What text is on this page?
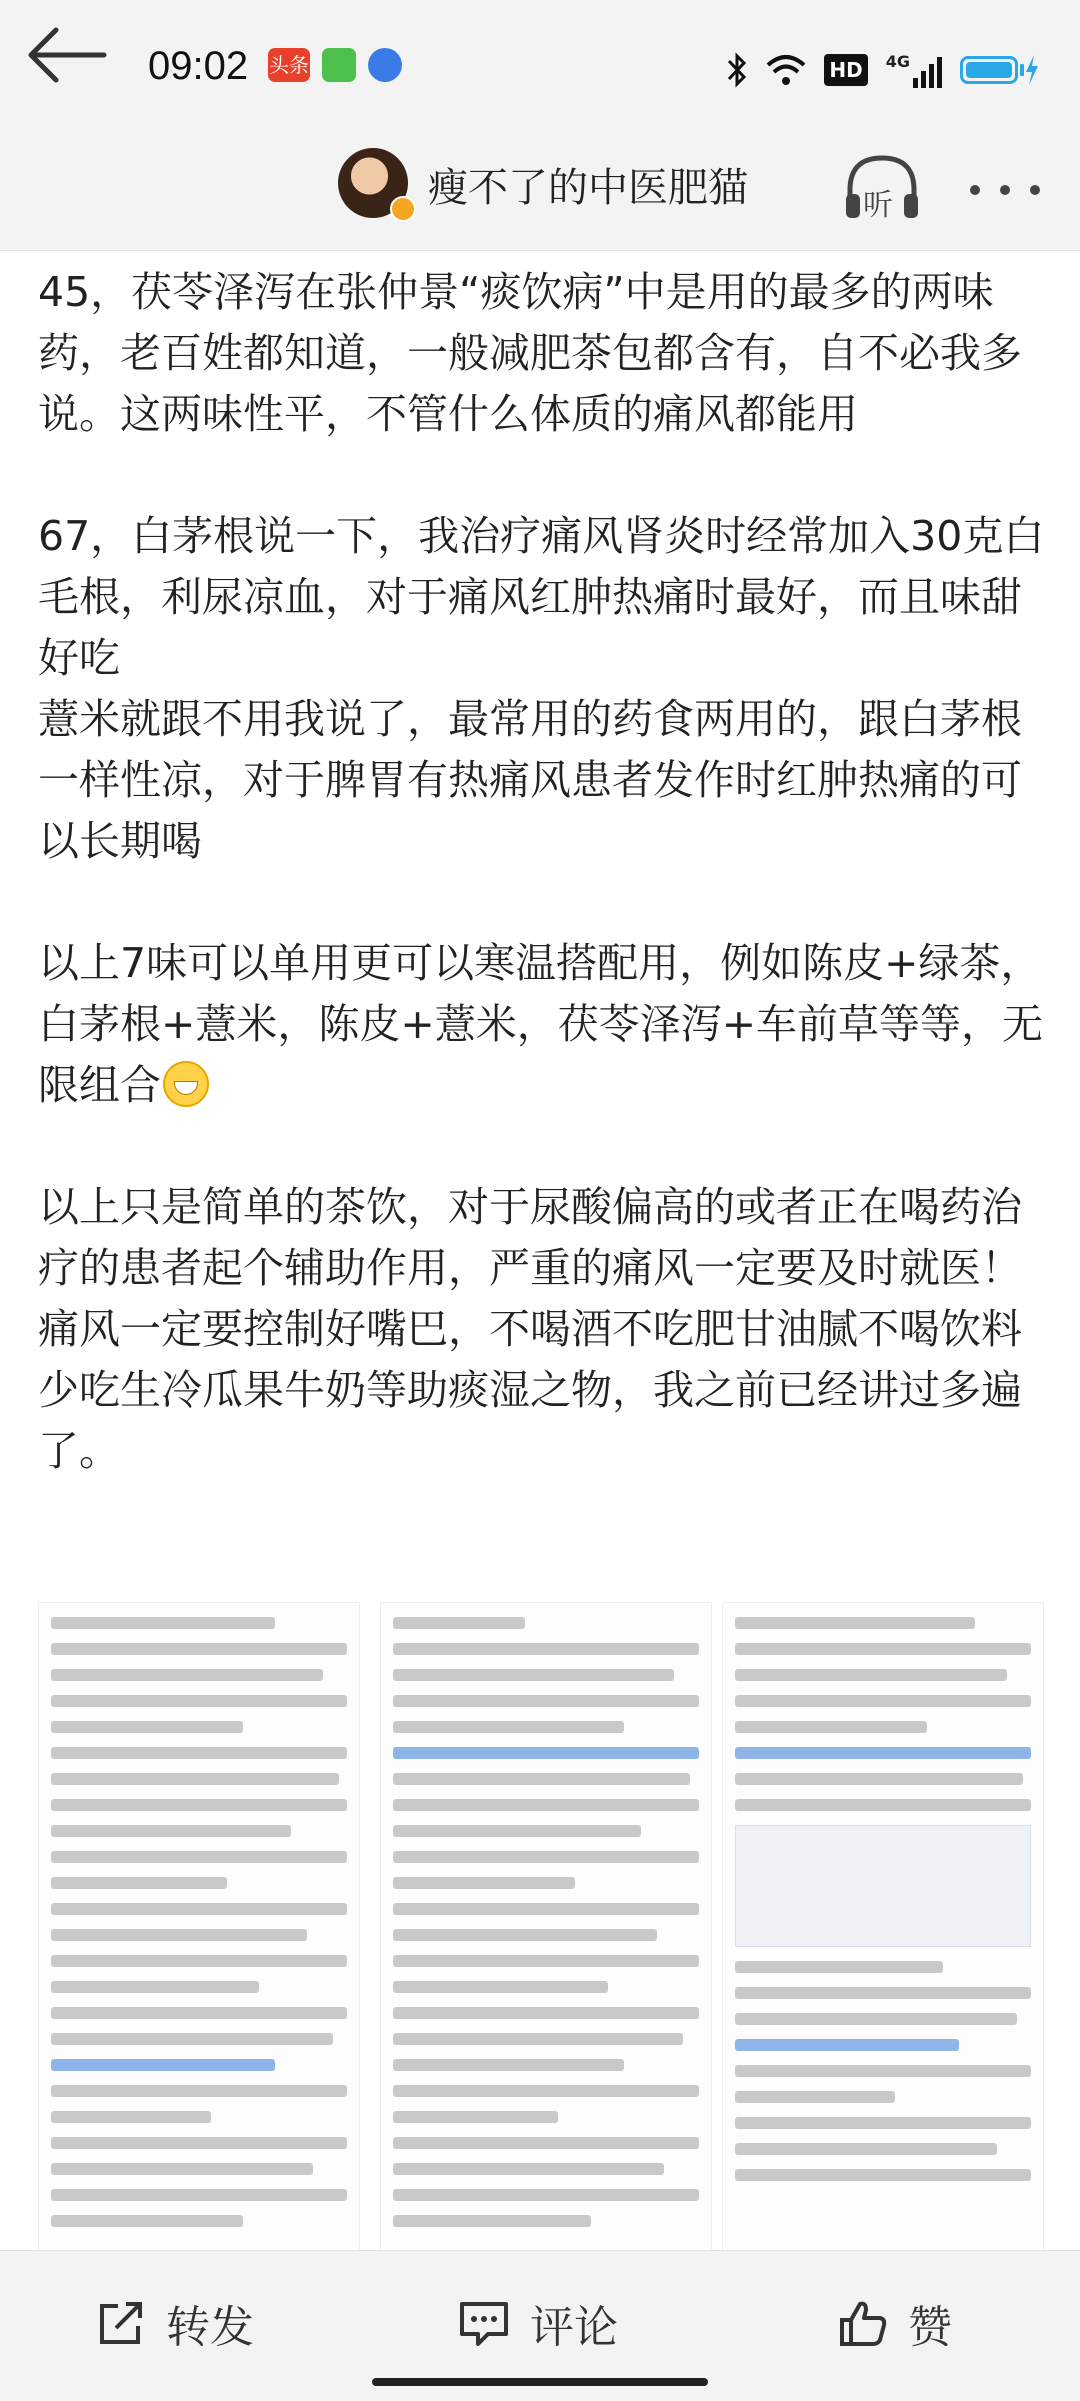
09:02 头条	HD	4G
瘦不了的中医肥猫	听

45，茯苓泽泻在张仲景“痰饮病”中是用的最多的两味药，老百姓都知道，一般减肥茶包都含有，自不必我多说。这两味性平，不管什么体质的痛风都能用

67，白茅根说一下，我治疗痛风肾炎时经常加入30克白毛根，利尿凉血，对于痛风红肿热痛时最好，而且味甜好吃

薏米就跟不用我说了，最常用的药食两用的，跟白茅根一样性凉，对于脾胃有热痛风患者发作时红肿热痛的可以长期喝

以上7味可以单用更可以寒温搭配用，例如陈皮+绿茶，白茅根+薏米，陈皮+薏米，茯苓泽泻+车前草等等，无限组合

以上只是简单的茶饮，对于尿酸偏高的或者正在喝药治疗的患者起个辅助作用，严重的痛风一定要及时就医！

痛风一定要控制好嘴巴，不喝酒不吃肥甘油腻不喝饮料少吃生冷瓜果牛奶等助痰湿之物，我之前已经讲过多遍了。

转发	评论	赞
